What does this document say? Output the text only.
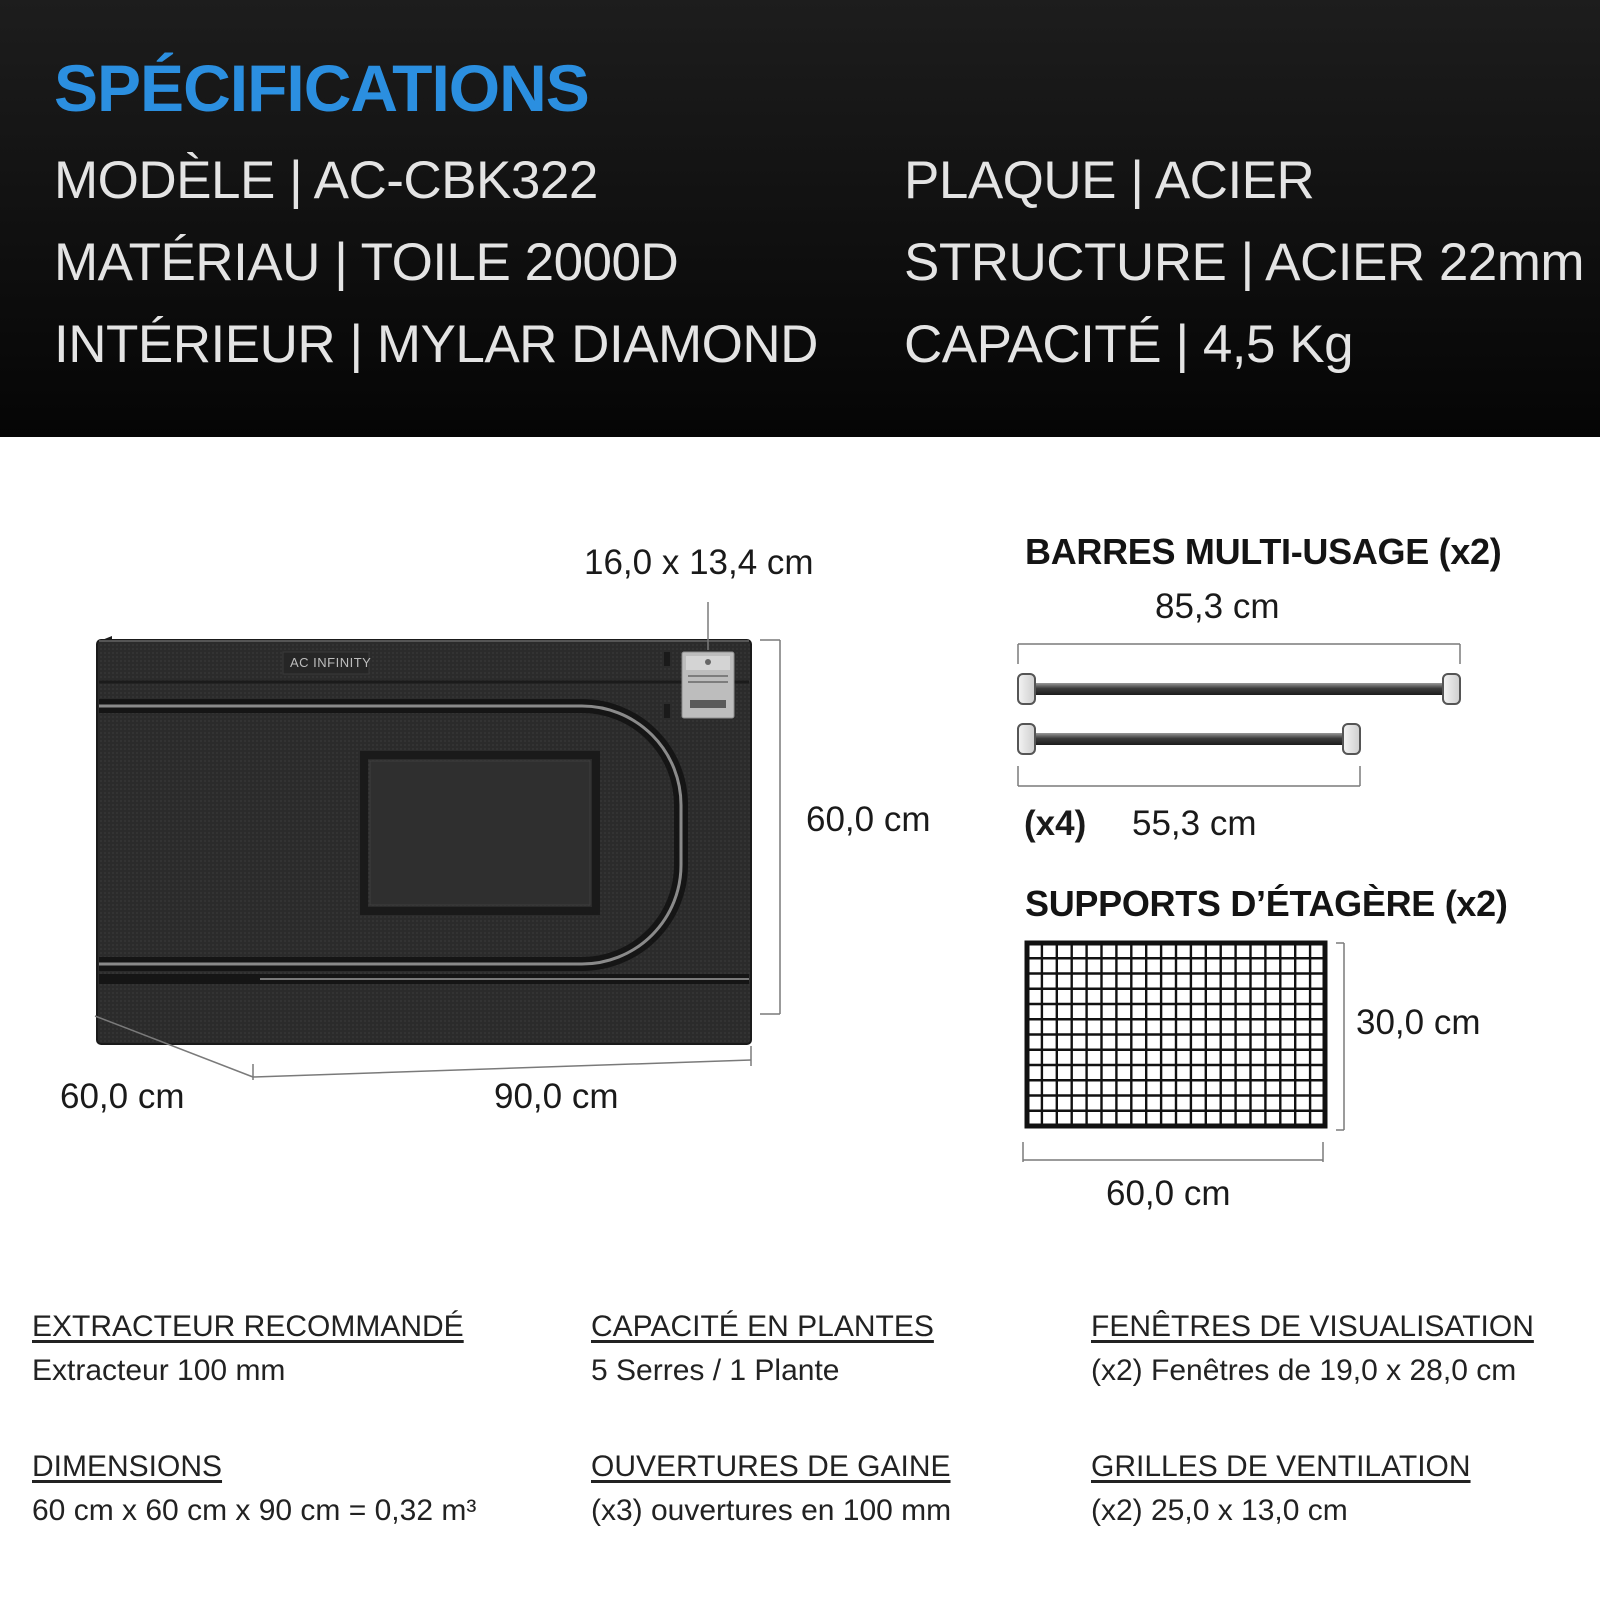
SPÉCIFICATIONS
MODÈLE | AC-CBK322
MATÉRIAU | TOILE 2000D
INTÉRIEUR | MYLAR DIAMOND
PLAQUE | ACIER
STRUCTURE | ACIER 22mm
CAPACITÉ | 4,5 Kg
AC INFINITY
16,0 x 13,4 cm
60,0 cm
60,0 cm	90,0 cm
BARRES MULTI-USAGE (x2)
85,3 cm
(x4) 55,3 cm
SUPPORTS D’ÉTAGÈRE (x2)
30,0 cm
60,0 cm
EXTRACTEUR RECOMMANDÉ
Extracteur 100 mm
CAPACITÉ EN PLANTES
5 Serres / 1 Plante
FENÊTRES DE VISUALISATION
(x2) Fenêtres de 19,0 x 28,0 cm
DIMENSIONS
60 cm x 60 cm x 90 cm = 0,32 m³
OUVERTURES DE GAINE
(x3) ouvertures en 100 mm
GRILLES DE VENTILATION
(x2) 25,0 x 13,0 cm
